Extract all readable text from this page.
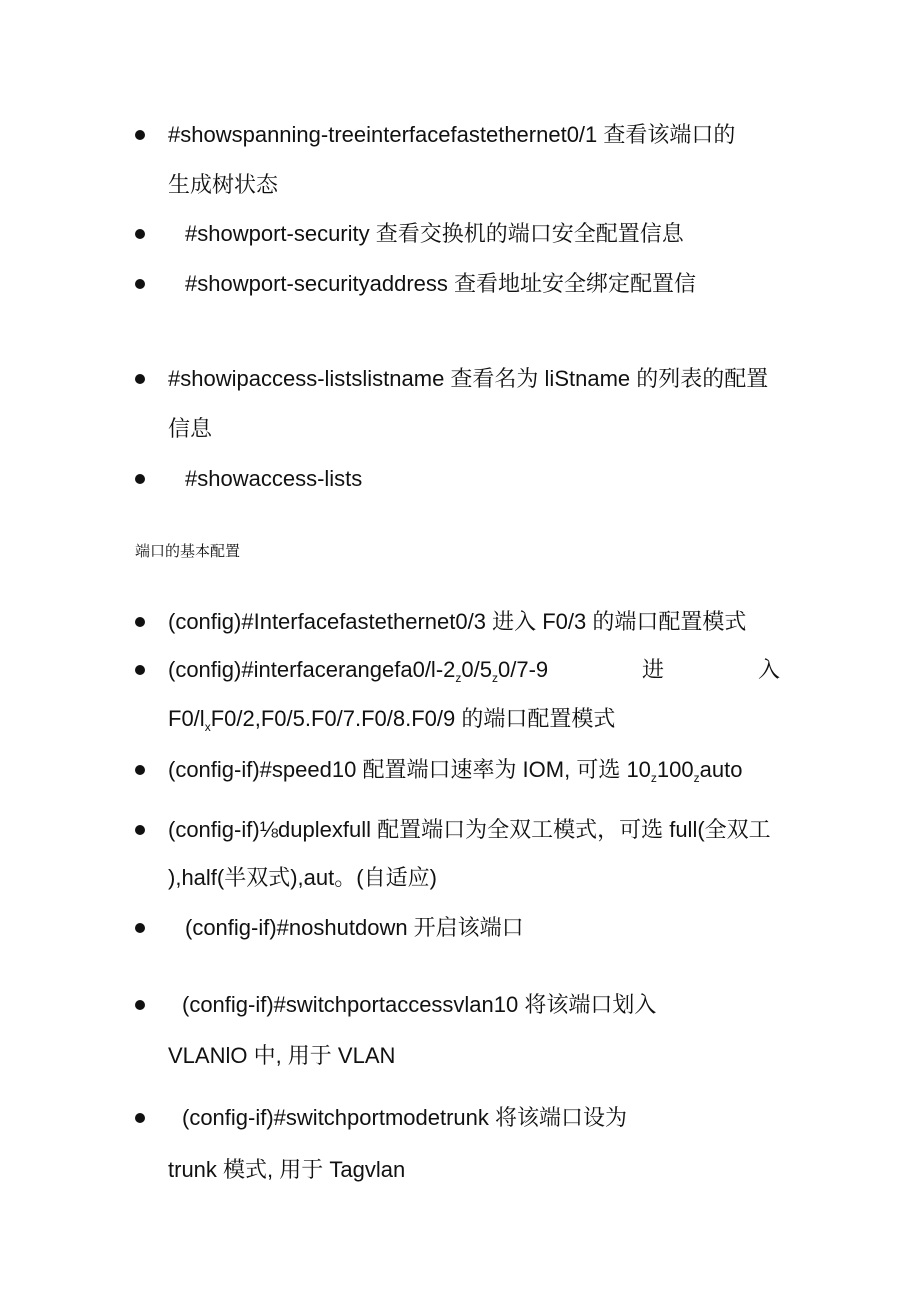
#showspanning-treeinterfacefastethernet0/1 查看该端口的
生成树状态
#showport-security 查看交换机的端口安全配置信息
#showport-securityaddress 查看地址安全绑定配置信
#showipaccess-listslistname 查看名为 liStname 的列表的配置
信息
#showaccess-lists
端口的基本配置
(config)#Interfacefastethernet0/3 进入 F0/3 的端口配置模式
$(config)\#interfacerangefa0/l-2_z0/5_z0/7-9$	进	入
$F0/l_xF0/2,F0/5.F0/7.F0/8.F0/9$ 的端口配置模式
(config-if)#speed10 配置端口速率为 IOM, 可选 $10_z100_zauto$
(config-if)⅛duplexfull 配置端口为全双工模式，可选 full(全双工
),half(半双式),aut。(自适应)
(config-if)#noshutdown 开启该端口
(config-if)#switchportaccessvlan10 将该端口划入
VLANlO 中, 用于 VLAN
(config-if)#switchportmodetrunk 将该端口设为
trunk 模式, 用于 Tagvlan
